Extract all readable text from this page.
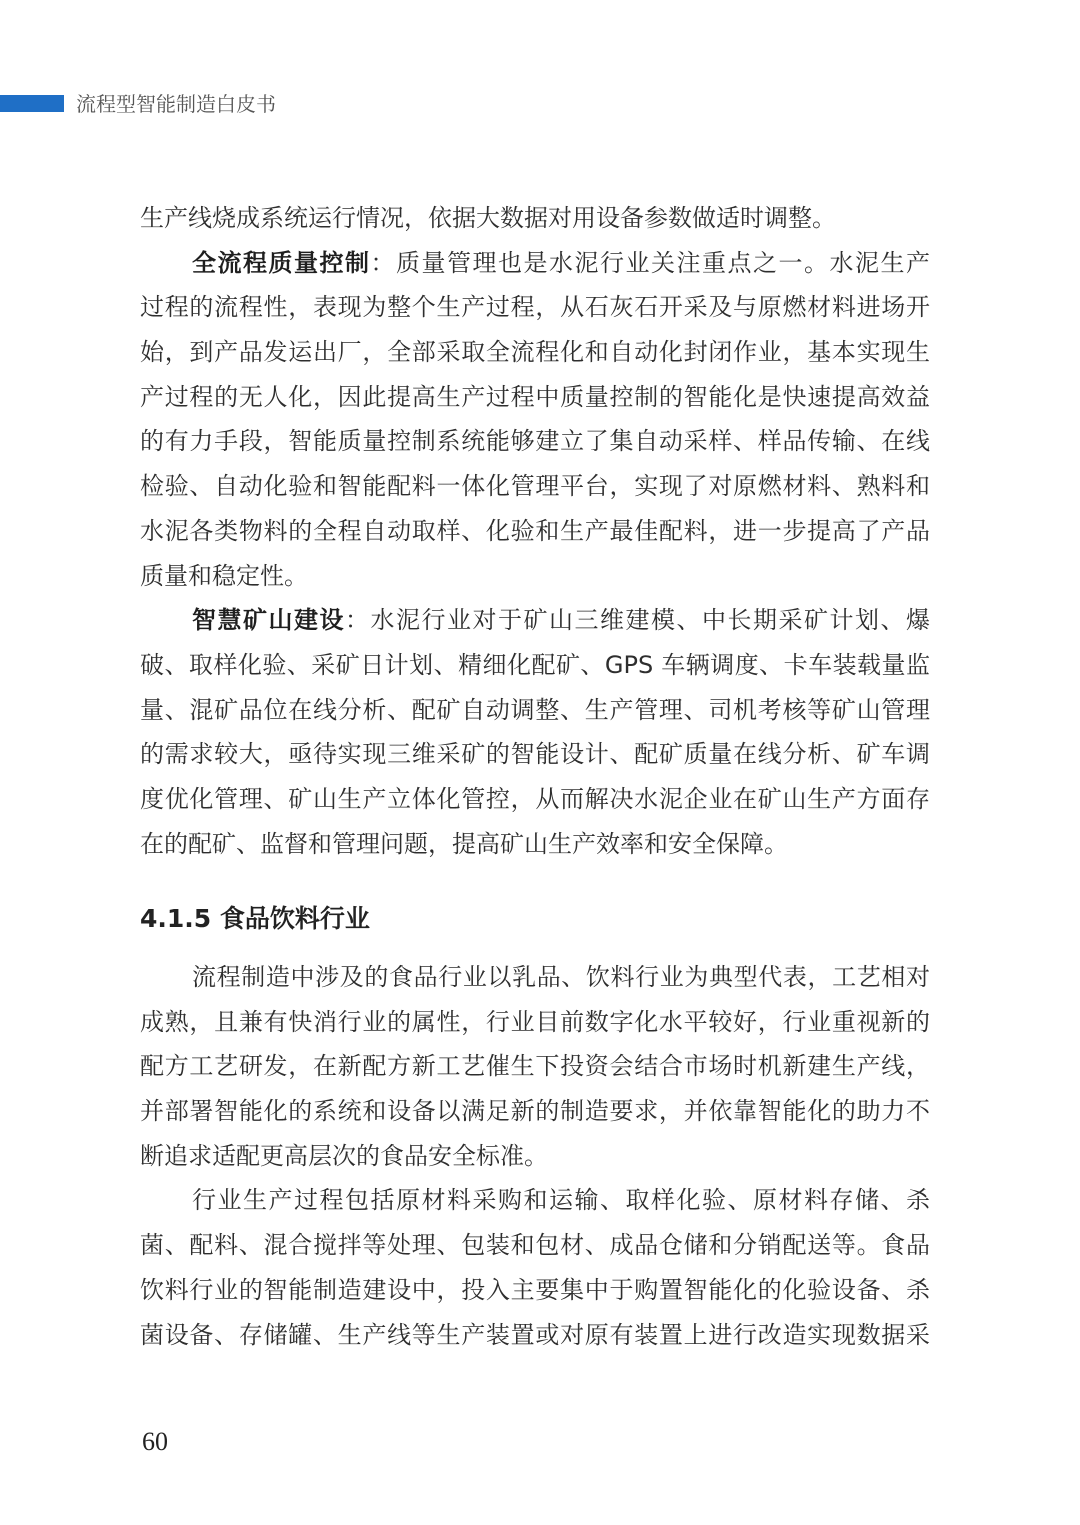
流程型智能制造白皮书
生产线烧成系统运行情况，依据大数据对用设备参数做适时调整。
全流程质量控制：质量管理也是水泥行业关注重点之一。水泥生产
过程的流程性，表现为整个生产过程，从石灰石开采及与原燃材料进场开
始，到产品发运出厂，全部采取全流程化和自动化封闭作业，基本实现生
产过程的无人化，因此提高生产过程中质量控制的智能化是快速提高效益
的有力手段，智能质量控制系统能够建立了集自动采样、样品传输、在线
检验、自动化验和智能配料一体化管理平台，实现了对原燃材料、熟料和
水泥各类物料的全程自动取样、化验和生产最佳配料，进一步提高了产品
质量和稳定性。
智慧矿山建设：水泥行业对于矿山三维建模、中长期采矿计划、爆
破、取样化验、采矿日计划、精细化配矿、GPS 车辆调度、卡车装载量监
量、混矿品位在线分析、配矿自动调整、生产管理、司机考核等矿山管理
的需求较大，亟待实现三维采矿的智能设计、配矿质量在线分析、矿车调
度优化管理、矿山生产立体化管控，从而解决水泥企业在矿山生产方面存
在的配矿、监督和管理问题，提高矿山生产效率和安全保障。
4.1.5 食品饮料行业
流程制造中涉及的食品行业以乳品、饮料行业为典型代表，工艺相对
成熟，且兼有快消行业的属性，行业目前数字化水平较好，行业重视新的
配方工艺研发，在新配方新工艺催生下投资会结合市场时机新建生产线，
并部署智能化的系统和设备以满足新的制造要求，并依靠智能化的助力不
断追求适配更高层次的食品安全标准。
行业生产过程包括原材料采购和运输、取样化验、原材料存储、杀
菌、配料、混合搅拌等处理、包装和包材、成品仓储和分销配送等。食品
饮料行业的智能制造建设中，投入主要集中于购置智能化的化验设备、杀
菌设备、存储罐、生产线等生产装置或对原有装置上进行改造实现数据采
60
